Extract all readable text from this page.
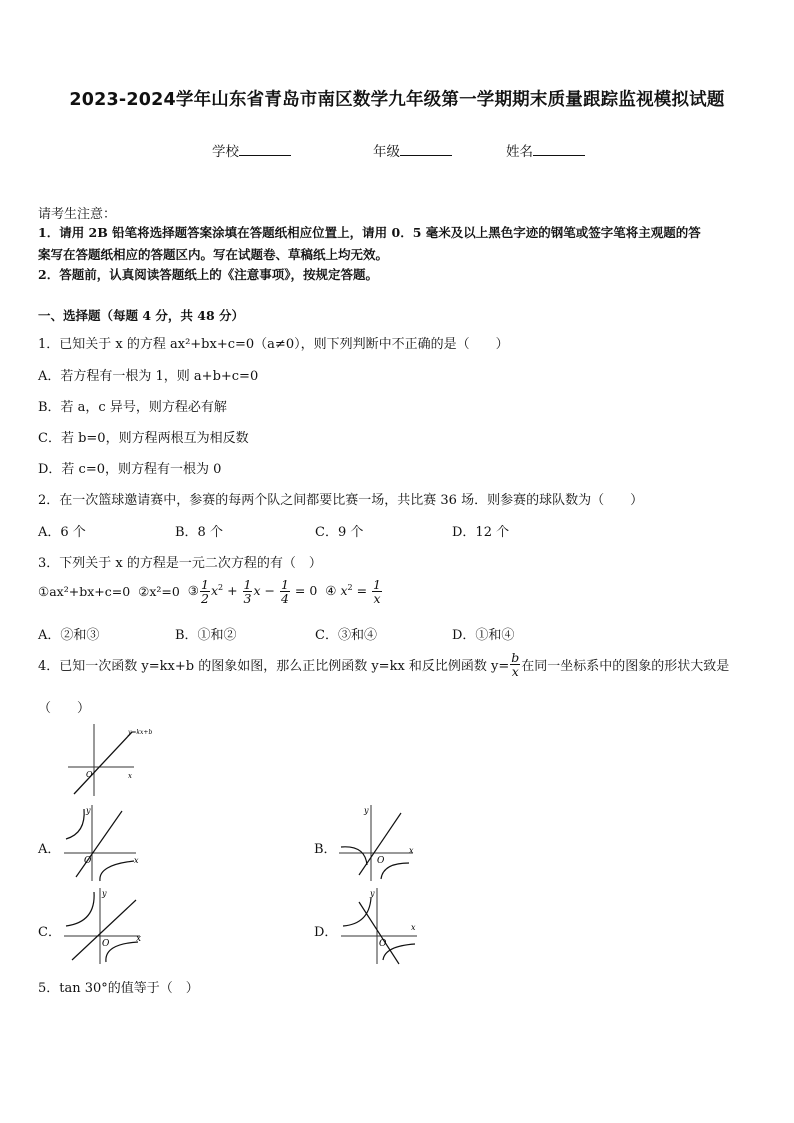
2023-2024学年山东省青岛市南区数学九年级第一学期期末质量跟踪监视模拟试题
学校	年级	姓名
请考生注意：
1．请用 2B 铅笔将选择题答案涂填在答题纸相应位置上，请用 0．5 毫米及以上黑色字迹的钢笔或签字笔将主观题的答
案写在答题纸相应的答题区内。写在试题卷、草稿纸上均无效。
2．答题前，认真阅读答题纸上的《注意事项》，按规定答题。
一、选择题（每题 4 分，共 48 分）
1．已知关于 x 的方程 ax²+bx+c=0（a≠0），则下列判断中不正确的是（　　）
A．若方程有一根为 1，则 a+b+c=0
B．若 a，c 异号，则方程必有解
C．若 b=0，则方程两根互为相反数
D．若 c=0，则方程有一根为 0
2．在一次篮球邀请赛中，参赛的每两个队之间都要比赛一场，共比赛 36 场．则参赛的球队数为（　　）
A．6 个	B．8 个	C．9 个	D．12 个
3．下列关于 x 的方程是一元二次方程的有（　）
①ax²+bx+c=0 ②x²=0 ③ $\frac{1}{2} x^2 + \frac{1}{3}$ $x - \frac{1}{4} = 0$ ④ $x^2 = \frac{1}{x}$
A．②和③	B．①和②	C．③和④	D．①和④
4．已知一次函数 y=kx+b 的图象如图，那么正比例函数 y=kx 和反比例函数 $y= \frac{b}{x}$ 在同一坐标系中的图象的形状大致是
（　　）
O	x
y=kx+b
A．
O	x
y
B．
O
x
y
C．
O	x
y
D．
O
x
y
5．tan 30°的值等于（　）
